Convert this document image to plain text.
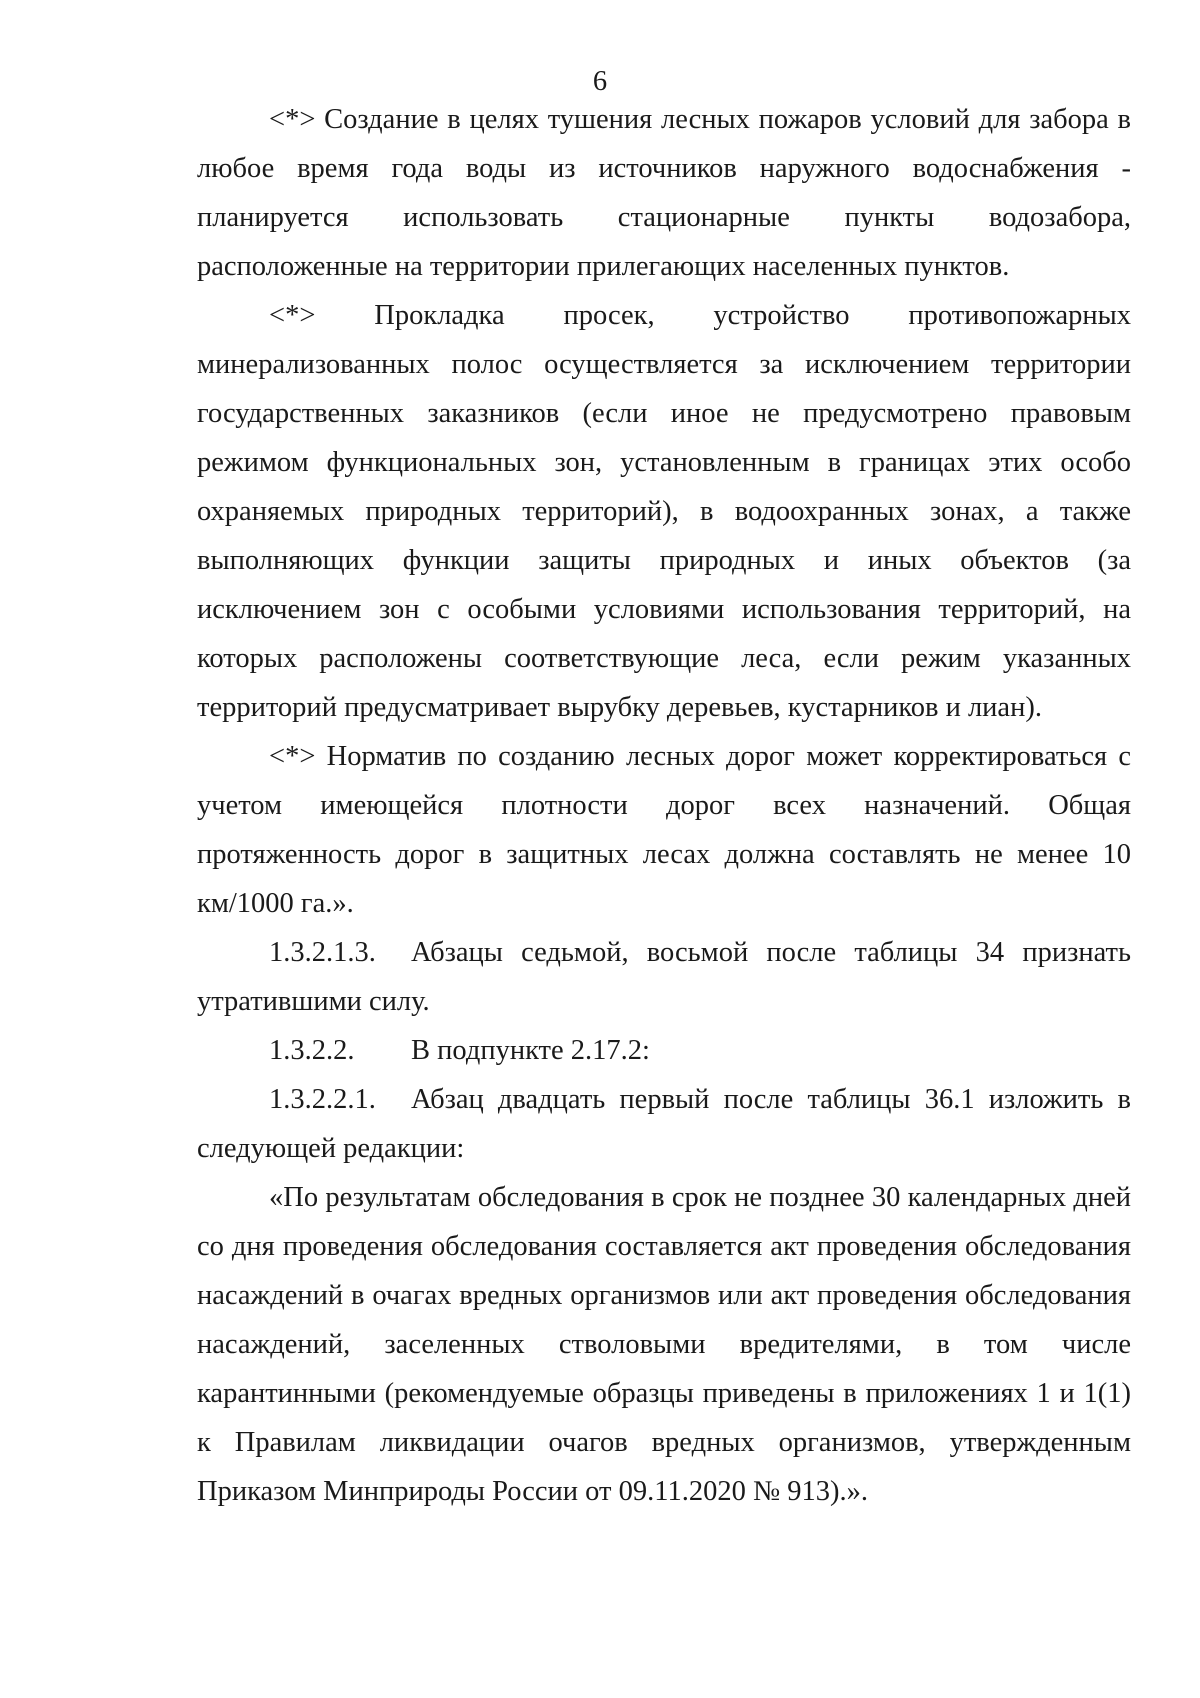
6

<*> Создание в целях тушения лесных пожаров условий для забора в любое время года воды из источников наружного водоснабжения - планируется использовать стационарные пункты водозабора, расположенные на территории прилегающих населенных пунктов.

<*> Прокладка просек, устройство противопожарных минерализованных полос осуществляется за исключением территории государственных заказников (если иное не предусмотрено правовым режимом функциональных зон, установленным в границах этих особо охраняемых природных территорий), в водоохранных зонах, а также выполняющих функции защиты природных и иных объектов (за исключением зон с особыми условиями использования территорий, на которых расположены соответствующие леса, если режим указанных территорий предусматривает вырубку деревьев, кустарников и лиан).

<*> Норматив по созданию лесных дорог может корректироваться с учетом имеющейся плотности дорог всех назначений. Общая протяженность дорог в защитных лесах должна составлять не менее 10 км/1000 га.».

1.3.2.1.3. Абзацы седьмой, восьмой после таблицы 34 признать утратившими силу.

1.3.2.2. В подпункте 2.17.2:

1.3.2.2.1. Абзац двадцать первый после таблицы 36.1 изложить в следующей редакции:

«По результатам обследования в срок не позднее 30 календарных дней со дня проведения обследования составляется акт проведения обследования насаждений в очагах вредных организмов или акт проведения обследования насаждений, заселенных стволовыми вредителями, в том числе карантинными (рекомендуемые образцы приведены в приложениях 1 и 1(1) к Правилам ликвидации очагов вредных организмов, утвержденным Приказом Минприроды России от 09.11.2020 № 913).».
